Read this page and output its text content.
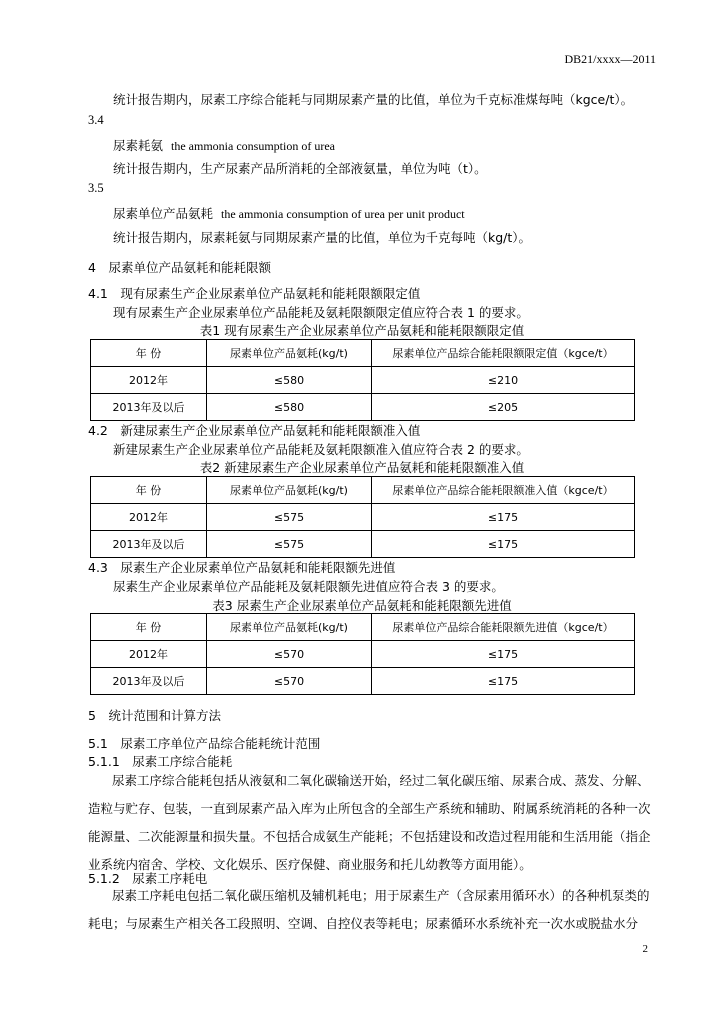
DB21/xxxx—2011
统计报告期内，尿素工序综合能耗与同期尿素产量的比值，单位为千克标准煤每吨（kgce/t）。
3.4
尿素耗氨 the ammonia consumption of urea
统计报告期内，生产尿素产品所消耗的全部液氨量，单位为吨（t）。
3.5
尿素单位产品氨耗 the ammonia consumption of urea per unit product
统计报告期内，尿素耗氨与同期尿素产量的比值，单位为千克每吨（kg/t）。
4　尿素单位产品氨耗和能耗限额
4.1　现有尿素生产企业尿素单位产品氨耗和能耗限额限定值
现有尿素生产企业尿素单位产品能耗及氨耗限额限定值应符合表 1 的要求。
表1 现有尿素生产企业尿素单位产品氨耗和能耗限额限定值
年 份	尿素单位产品氨耗(kg/t)	尿素单位产品综合能耗限额限定值（kgce/t）
2012年	≤580	≤210
2013年及以后	≤580	≤205
4.2　新建尿素生产企业尿素单位产品氨耗和能耗限额准入值
新建尿素生产企业尿素单位产品能耗及氨耗限额准入值应符合表 2 的要求。
表2 新建尿素生产企业尿素单位产品氨耗和能耗限额准入值
年 份	尿素单位产品氨耗(kg/t)	尿素单位产品综合能耗限额准入值（kgce/t）
2012年	≤575	≤175
2013年及以后	≤575	≤175
4.3　尿素生产企业尿素单位产品氨耗和能耗限额先进值
尿素生产企业尿素单位产品能耗及氨耗限额先进值应符合表 3 的要求。
表3 尿素生产企业尿素单位产品氨耗和能耗限额先进值
年 份	尿素单位产品氨耗(kg/t)	尿素单位产品综合能耗限额先进值（kgce/t）
2012年	≤570	≤175
2013年及以后	≤570	≤175
5　统计范围和计算方法
5.1　尿素工序单位产品综合能耗统计范围
5.1.1　尿素工序综合能耗
尿素工序综合能耗包括从液氨和二氧化碳输送开始，经过二氧化碳压缩、尿素合成、蒸发、分解、造粒与贮存、包装，一直到尿素产品入库为止所包含的全部生产系统和辅助、附属系统消耗的各种一次能源量、二次能源量和损失量。不包括合成氨生产能耗；不包括建设和改造过程用能和生活用能（指企业系统内宿舍、学校、文化娱乐、医疗保健、商业服务和托儿幼教等方面用能）。
5.1.2　尿素工序耗电
尿素工序耗电包括二氧化碳压缩机及辅机耗电；用于尿素生产（含尿素用循环水）的各种机泵类的耗电；与尿素生产相关各工段照明、空调、自控仪表等耗电；尿素循环水系统补充一次水或脱盐水分
2
